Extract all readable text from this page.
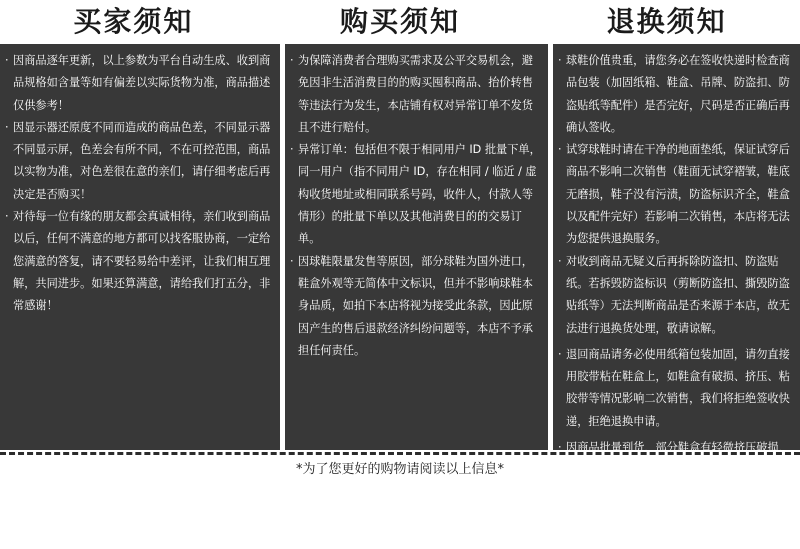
买家须知	购买须知	退换须知
· 因商品逐年更新，以上参数为平台自动生成、收到商品规格如含量等如有偏差以实际货物为准，商品描述仅供参考！
· 因显示器还原度不同而造成的商品色差，不同显示器不同显示屏，色差会有所不同，不在可控范围，商品以实物为准，对色差很在意的亲们，请仔细考虑后再决定是否购买！
· 对待每一位有缘的朋友都会真诚相待，亲们收到商品以后，任何不满意的地方都可以找客服协商，一定给您满意的答复，请不要轻易给中差评，让我们相互理解，共同进步。如果还算满意，请给我们打五分，非常感谢！
· 为保障消费者合理购买需求及公平交易机会，避免因非生活消费目的的购买囤积商品、抬价转售等违法行为发生，本店铺有权对异常订单不发货且不进行赔付。
· 异常订单：包括但不限于相同用户 ID 批量下单，同一用户（指不同用户 ID，存在相同 / 临近 / 虚构收货地址或相同联系号码，收件人，付款人等情形）的批量下单以及其他消费目的的交易订单。
· 因球鞋限量发售等原因，部分球鞋为国外进口，鞋盒外观等无简体中文标识，但并不影响球鞋本身品质，如拍下本店将视为接受此条款，因此原因产生的售后退款经济纠纷问题等，本店不予承担任何责任。
· 球鞋价值贵重，请您务必在签收快递时检查商品包装（加固纸箱、鞋盒、吊牌、防盗扣、防盗贴纸等配件）是否完好，尺码是否正确后再确认签收。
· 试穿球鞋时请在干净的地面垫纸，保证试穿后商品不影响二次销售（鞋面无试穿褶皱，鞋底无磨损，鞋子没有污渍，防盗标识齐全，鞋盒以及配件完好）若影响二次销售，本店将无法为您提供退换服务。
· 对收到商品无疑义后再拆除防盗扣、防盗贴纸。若拆毁防盗标识（剪断防盗扣、撕毁防盗贴纸等）无法判断商品是否来源于本店，故无法进行退换货处理，敬请谅解。
· 退回商品请务必使用纸箱包装加固，请勿直接用胶带粘在鞋盒上，如鞋盒有破损、挤压、粘胶带等情况影响二次销售，我们将拒绝签收快递，拒绝退换申请。
· 因商品批量到货，部分鞋盒有轻微挤压破损，个别鞋撑缺失等情况，但并不影响球鞋本身品质，如拍下本店将视为接受此条款，因此原因产生售后退换货问题需要买家自行承担快递往返运费。
*为了您更好的购物请阅读以上信息*
